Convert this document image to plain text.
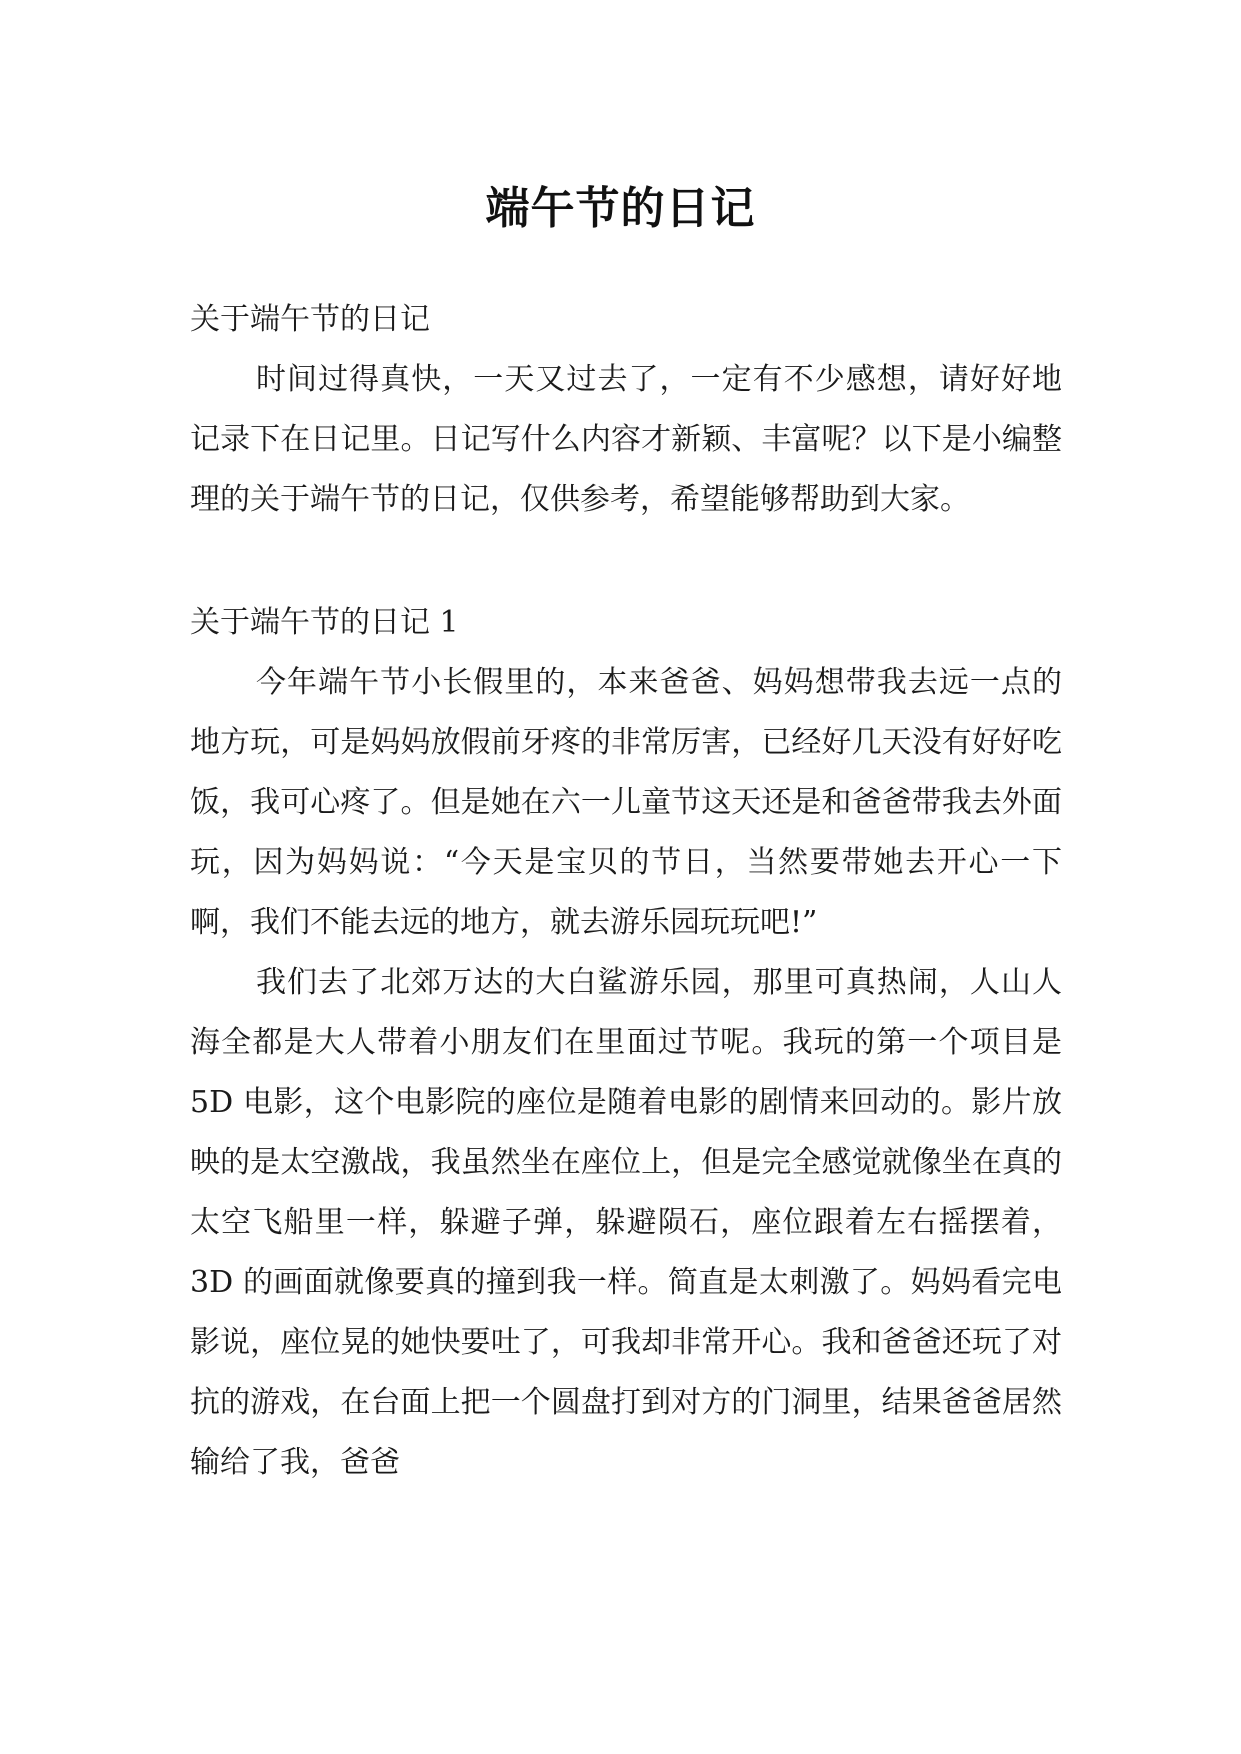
端午节的日记

关于端午节的日记

时间过得真快，一天又过去了，一定有不少感想，请好好地记录下在日记里。日记写什么内容才新颖、丰富呢？以下是小编整理的关于端午节的日记，仅供参考，希望能够帮助到大家。

关于端午节的日记 1

今年端午节小长假里的，本来爸爸、妈妈想带我去远一点的地方玩，可是妈妈放假前牙疼的非常厉害，已经好几天没有好好吃饭，我可心疼了。但是她在六一儿童节这天还是和爸爸带我去外面玩，因为妈妈说：“今天是宝贝的节日，当然要带她去开心一下啊，我们不能去远的地方，就去游乐园玩玩吧!”

我们去了北郊万达的大白鲨游乐园，那里可真热闹，人山人海全都是大人带着小朋友们在里面过节呢。我玩的第一个项目是 5D 电影，这个电影院的座位是随着电影的剧情来回动的。影片放映的是太空激战，我虽然坐在座位上，但是完全感觉就像坐在真的太空飞船里一样，躲避子弹，躲避陨石，座位跟着左右摇摆着，3D 的画面就像要真的撞到我一样。简直是太刺激了。妈妈看完电影说，座位晃的她快要吐了，可我却非常开心。我和爸爸还玩了对抗的游戏，在台面上把一个圆盘打到对方的门洞里，结果爸爸居然输给了我，爸爸
